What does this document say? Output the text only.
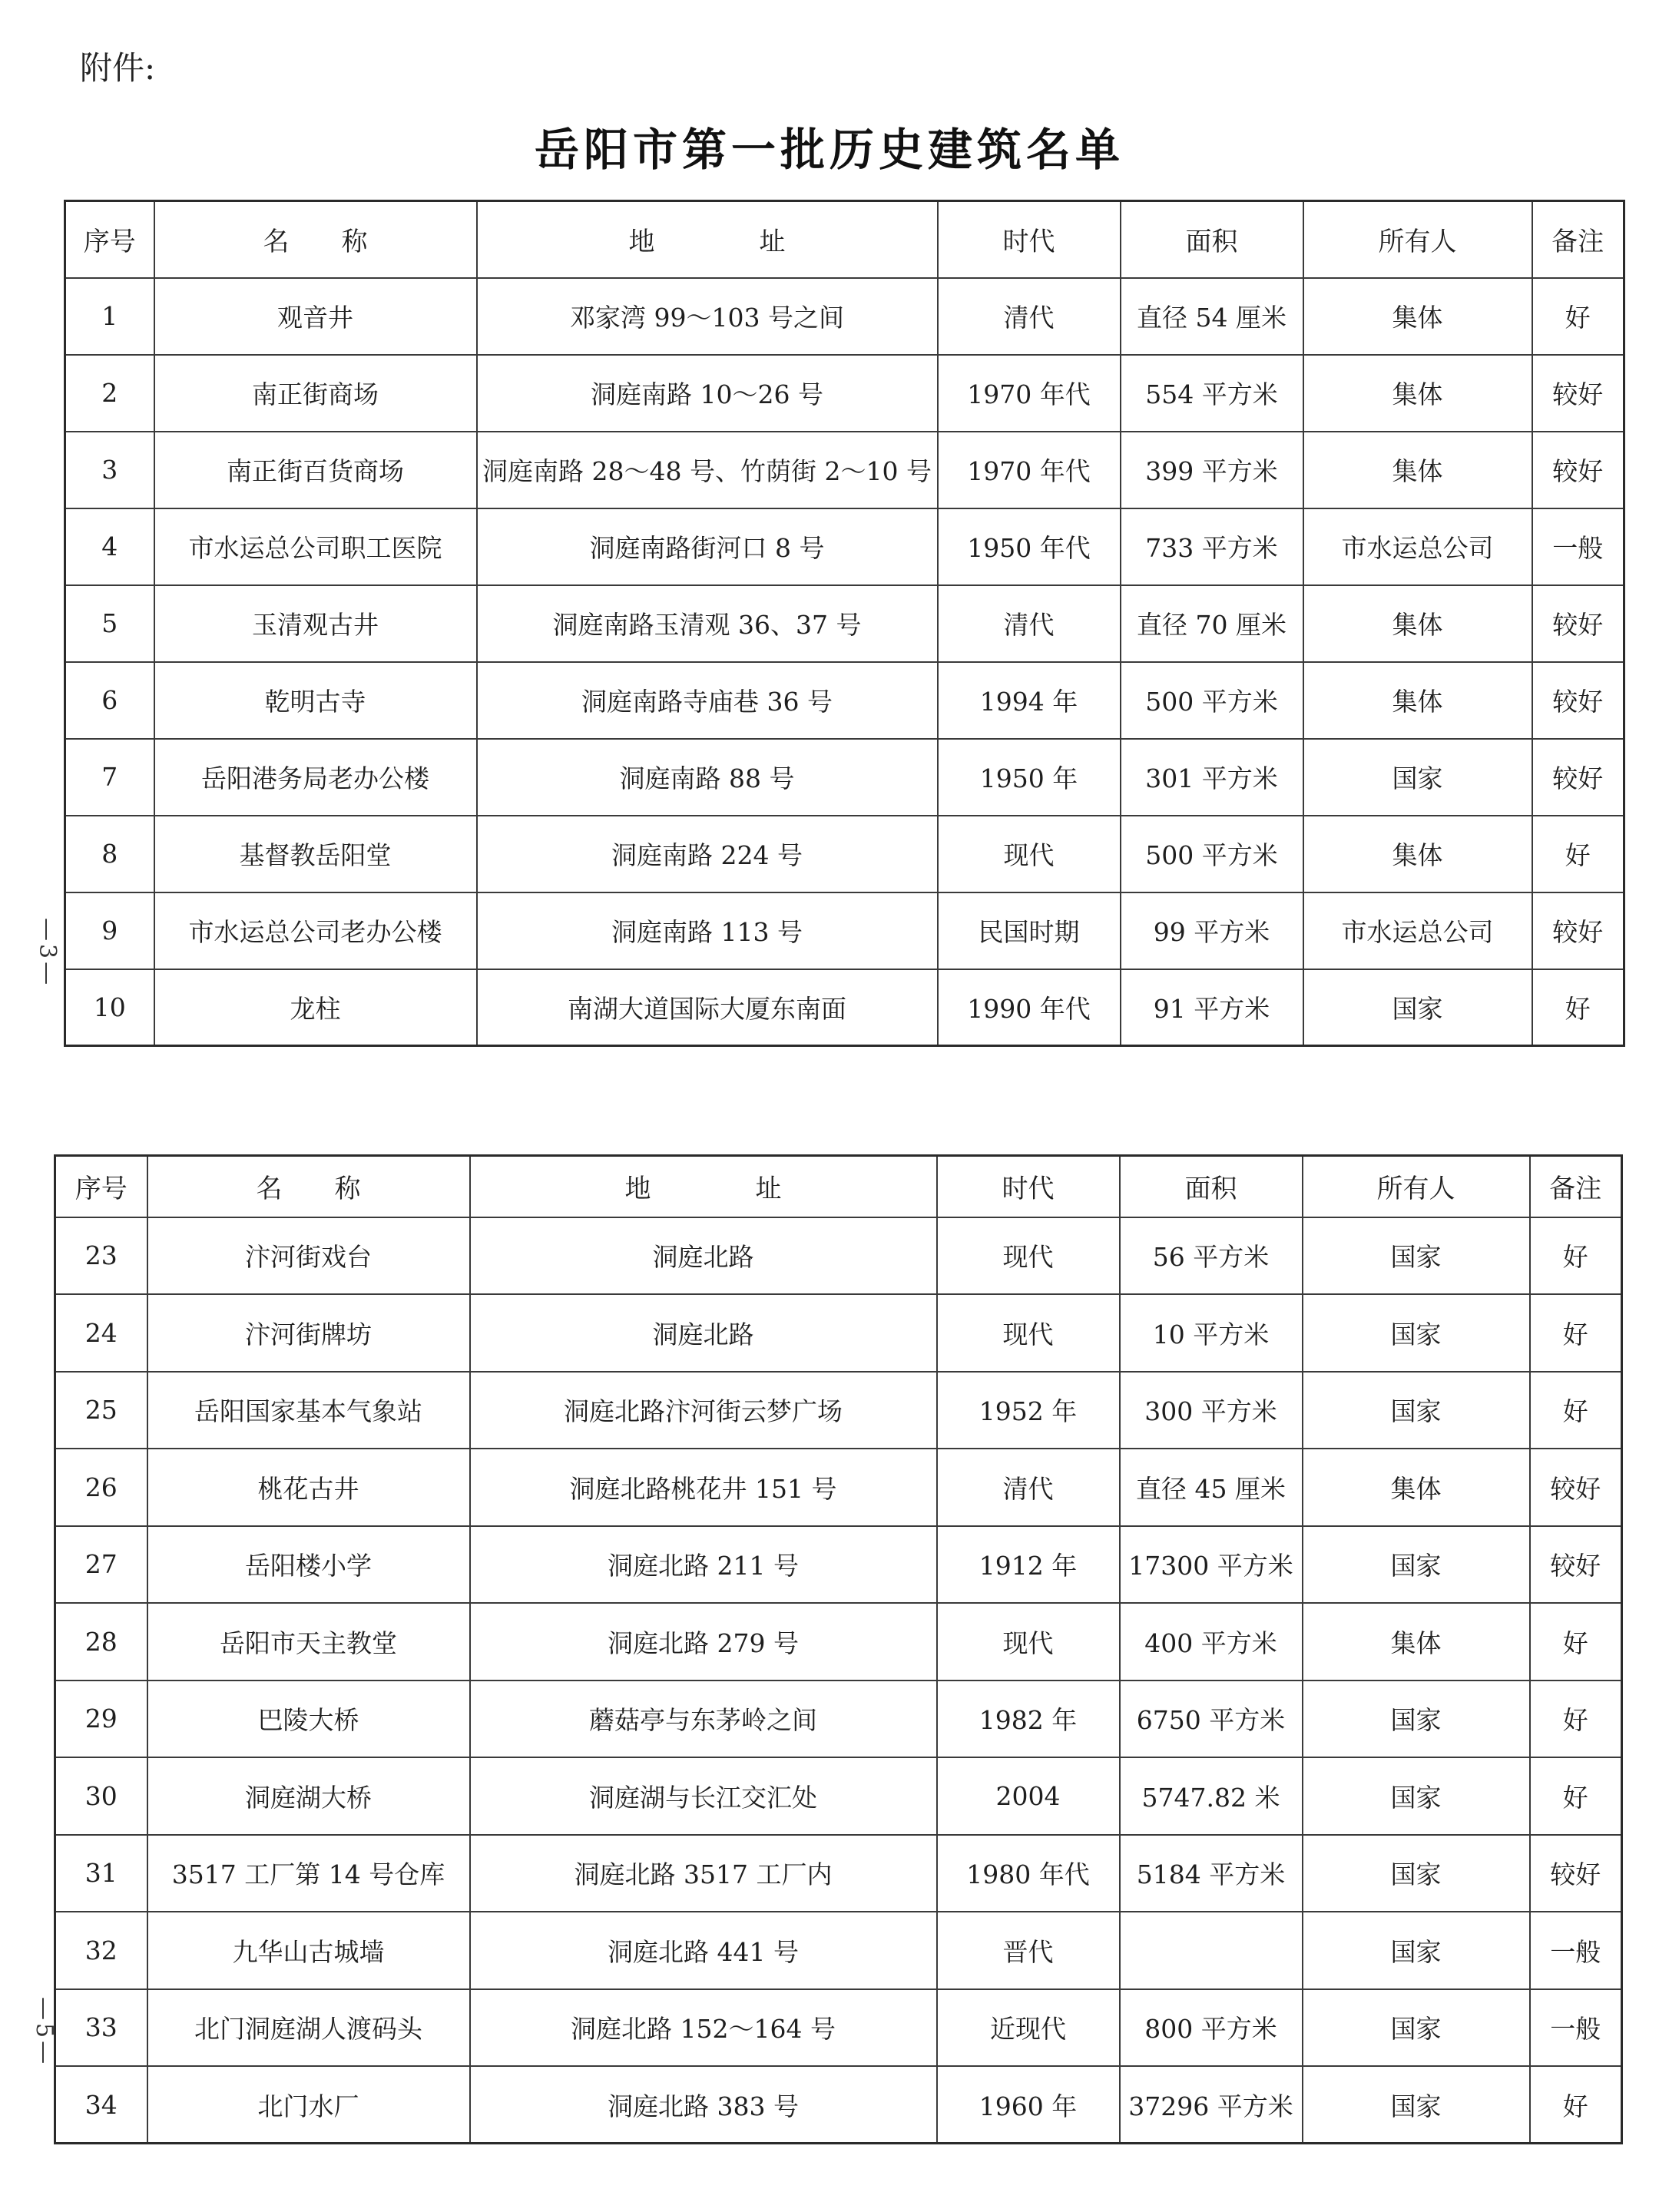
附件:
岳阳市第一批历史建筑名单
—3—
—5—
序号	名　　称	地　　　　址	时代	面积	所有人	备注
1	观音井	邓家湾 99～103 号之间	清代	直径 54 厘米	集体	好
2	南正街商场	洞庭南路 10～26 号	1970 年代	554 平方米	集体	较好
3	南正街百货商场	洞庭南路 28～48 号、竹荫街 2～10 号	1970 年代	399 平方米	集体	较好
4	市水运总公司职工医院	洞庭南路街河口 8 号	1950 年代	733 平方米	市水运总公司	一般
5	玉清观古井	洞庭南路玉清观 36、37 号	清代	直径 70 厘米	集体	较好
6	乾明古寺	洞庭南路寺庙巷 36 号	1994 年	500 平方米	集体	较好
7	岳阳港务局老办公楼	洞庭南路 88 号	1950 年	301 平方米	国家	较好
8	基督教岳阳堂	洞庭南路 224 号	现代	500 平方米	集体	好
9	市水运总公司老办公楼	洞庭南路 113 号	民国时期	99 平方米	市水运总公司	较好
10	龙柱	南湖大道国际大厦东南面	1990 年代	91 平方米	国家	好
序号	名　　称	地　　　　址	时代	面积	所有人	备注
23	汴河街戏台	洞庭北路	现代	56 平方米	国家	好
24	汴河街牌坊	洞庭北路	现代	10 平方米	国家	好
25	岳阳国家基本气象站	洞庭北路汴河街云梦广场	1952 年	300 平方米	国家	好
26	桃花古井	洞庭北路桃花井 151 号	清代	直径 45 厘米	集体	较好
27	岳阳楼小学	洞庭北路 211 号	1912 年	17300 平方米	国家	较好
28	岳阳市天主教堂	洞庭北路 279 号	现代	400 平方米	集体	好
29	巴陵大桥	蘑菇亭与东茅岭之间	1982 年	6750 平方米	国家	好
30	洞庭湖大桥	洞庭湖与长江交汇处	2004	5747.82 米	国家	好
31	3517 工厂第 14 号仓库	洞庭北路 3517 工厂内	1980 年代	5184 平方米	国家	较好
32	九华山古城墙	洞庭北路 441 号	晋代		国家	一般
33	北门洞庭湖人渡码头	洞庭北路 152～164 号	近现代	800 平方米	国家	一般
34	北门水厂	洞庭北路 383 号	1960 年	37296 平方米	国家	好
